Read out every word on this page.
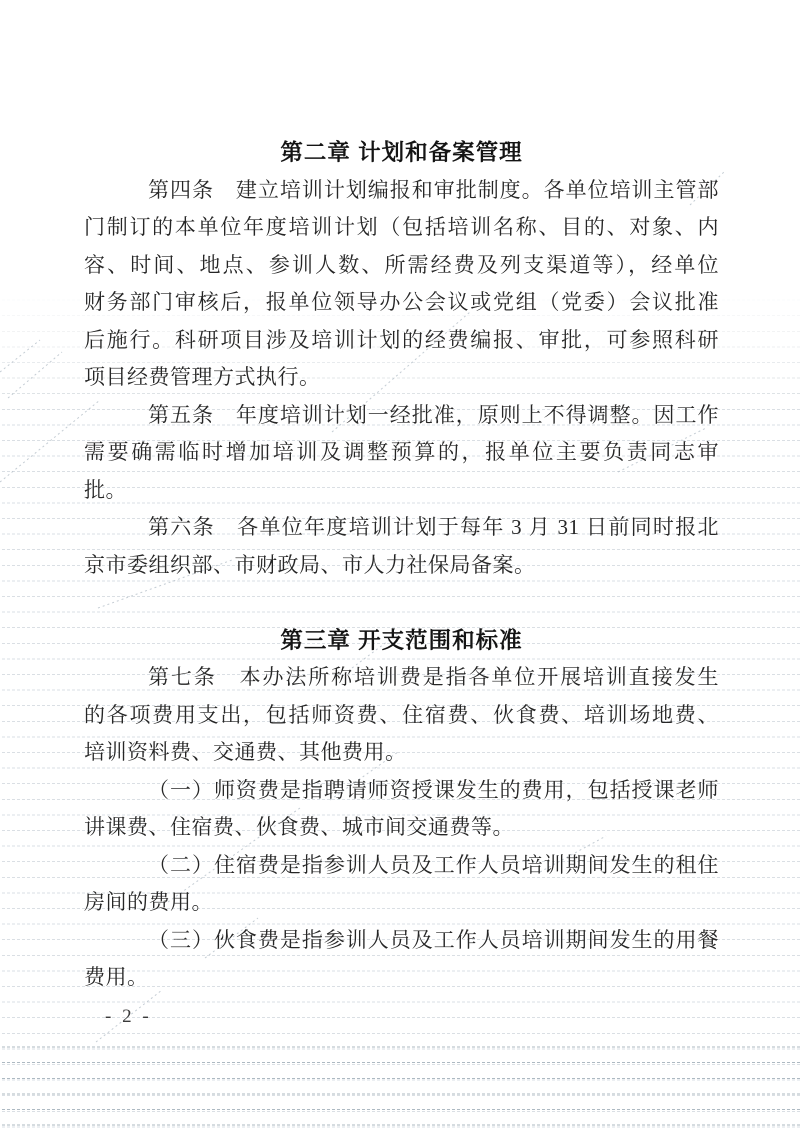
第二章 计划和备案管理
第四条　建立培训计划编报和审批制度。各单位培训主管部
门制订的本单位年度培训计划（包括培训名称、目的、对象、内
容、时间、地点、参训人数、所需经费及列支渠道等），经单位
财务部门审核后，报单位领导办公会议或党组（党委）会议批准
后施行。科研项目涉及培训计划的经费编报、审批，可参照科研
项目经费管理方式执行。
第五条　年度培训计划一经批准，原则上不得调整。因工作
需要确需临时增加培训及调整预算的，报单位主要负责同志审
批。
第六条　各单位年度培训计划于每年 3 月 31 日前同时报北
京市委组织部、市财政局、市人力社保局备案。
第三章 开支范围和标准
第七条　本办法所称培训费是指各单位开展培训直接发生
的各项费用支出，包括师资费、住宿费、伙食费、培训场地费、
培训资料费、交通费、其他费用。
（一）师资费是指聘请师资授课发生的费用，包括授课老师
讲课费、住宿费、伙食费、城市间交通费等。
（二）住宿费是指参训人员及工作人员培训期间发生的租住
房间的费用。
（三）伙食费是指参训人员及工作人员培训期间发生的用餐
费用。
- 2 -
